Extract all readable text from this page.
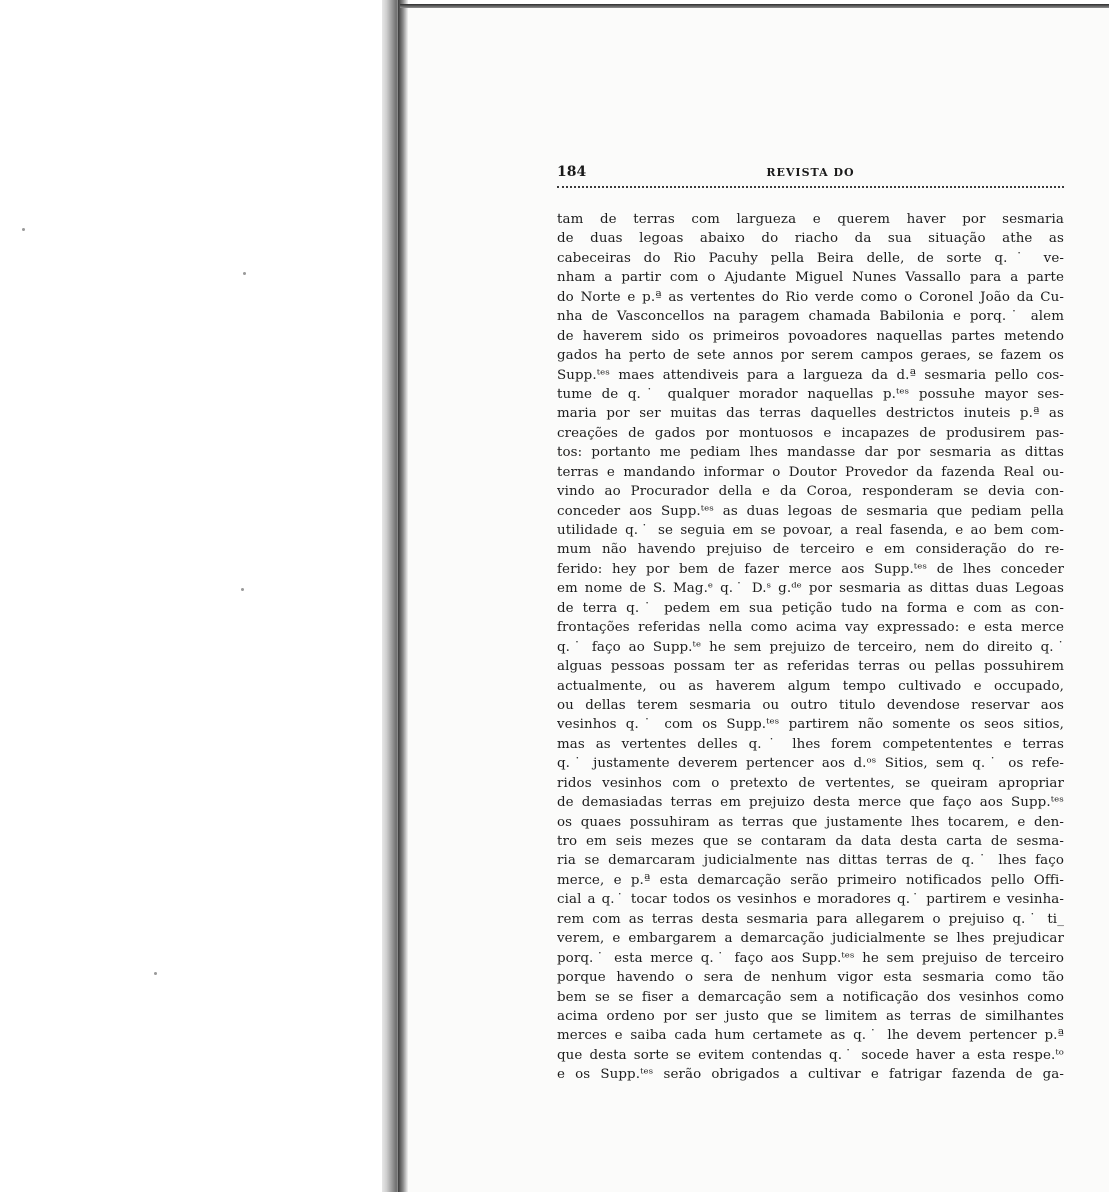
184	REVISTA DO
tam de terras com largueza e querem haver por sesmaria
de duas legoas abaixo do riacho da sua situação athe as
cabeceiras do Rio Pacuhy pella Beira delle, de sorte q.˙ ve-
nham a partir com o Ajudante Miguel Nunes Vassallo para a parte
do Norte e p.ª as vertentes do Rio verde como o Coronel João da Cu-
nha de Vasconcellos na paragem chamada Babilonia e porq.˙ alem
de haverem sido os primeiros povoadores naquellas partes metendo
gados ha perto de sete annos por serem campos geraes, se fazem os
Supp.ᵗᵉˢ maes attendiveis para a largueza da d.ª sesmaria pello cos-
tume de q.˙ qualquer morador naquellas p.ᵗᵉˢ possuhe mayor ses-
maria por ser muitas das terras daquelles destrictos inuteis p.ª as
creações de gados por montuosos e incapazes de produsirem pas-
tos: portanto me pediam lhes mandasse dar por sesmaria as dittas
terras e mandando informar o Doutor Provedor da fazenda Real ou-
vindo ao Procurador della e da Coroa, responderam se devia con-
conceder aos Supp.ᵗᵉˢ as duas legoas de sesmaria que pediam pella
utilidade q.˙ se seguia em se povoar, a real fasenda, e ao bem com-
mum não havendo prejuiso de terceiro e em consideração do re-
ferido: hey por bem de fazer merce aos Supp.ᵗᵉˢ de lhes conceder
em nome de S. Mag.ᵉ q.˙ D.ˢ g.ᵈᵉ por sesmaria as dittas duas Legoas
de terra q.˙ pedem em sua petição tudo na forma e com as con-
frontações referidas nella como acima vay expressado: e esta merce
q.˙ faço ao Supp.ᵗᵉ he sem prejuizo de terceiro, nem do direito q.˙
alguas pessoas possam ter as referidas terras ou pellas possuhirem
actualmente, ou as haverem algum tempo cultivado e occupado,
ou dellas terem sesmaria ou outro titulo devendose reservar aos
vesinhos q.˙ com os Supp.ᵗᵉˢ partirem não somente os seos sitios,
mas as vertentes delles q.˙ lhes forem competententes e terras
q.˙ justamente deverem pertencer aos d.ᵒˢ Sitios, sem q.˙ os refe-
ridos vesinhos com o pretexto de vertentes, se queiram apropriar
de demasiadas terras em prejuizo desta merce que faço aos Supp.ᵗᵉˢ
os quaes possuhiram as terras que justamente lhes tocarem, e den-
tro em seis mezes que se contaram da data desta carta de sesma-
ria se demarcaram judicialmente nas dittas terras de q.˙ lhes faço
merce, e p.ª esta demarcação serão primeiro notificados pello Offi-
cial a q.˙ tocar todos os vesinhos e moradores q.˙ partirem e vesinha-
rem com as terras desta sesmaria para allegarem o prejuiso q.˙ ti_
verem, e embargarem a demarcação judicialmente se lhes prejudicar
porq.˙ esta merce q.˙ faço aos Supp.ᵗᵉˢ he sem prejuiso de terceiro
porque havendo o sera de nenhum vigor esta sesmaria como tão
bem se se fiser a demarcação sem a notificação dos vesinhos como
acima ordeno por ser justo que se limitem as terras de similhantes
merces e saiba cada hum certamete as q.˙ lhe devem pertencer p.ª
que desta sorte se evitem contendas q.˙ socede haver a esta respe.ᵗᵒ
e os Supp.ᵗᵉˢ serão obrigados a cultivar e fatrigar fazenda de ga-
